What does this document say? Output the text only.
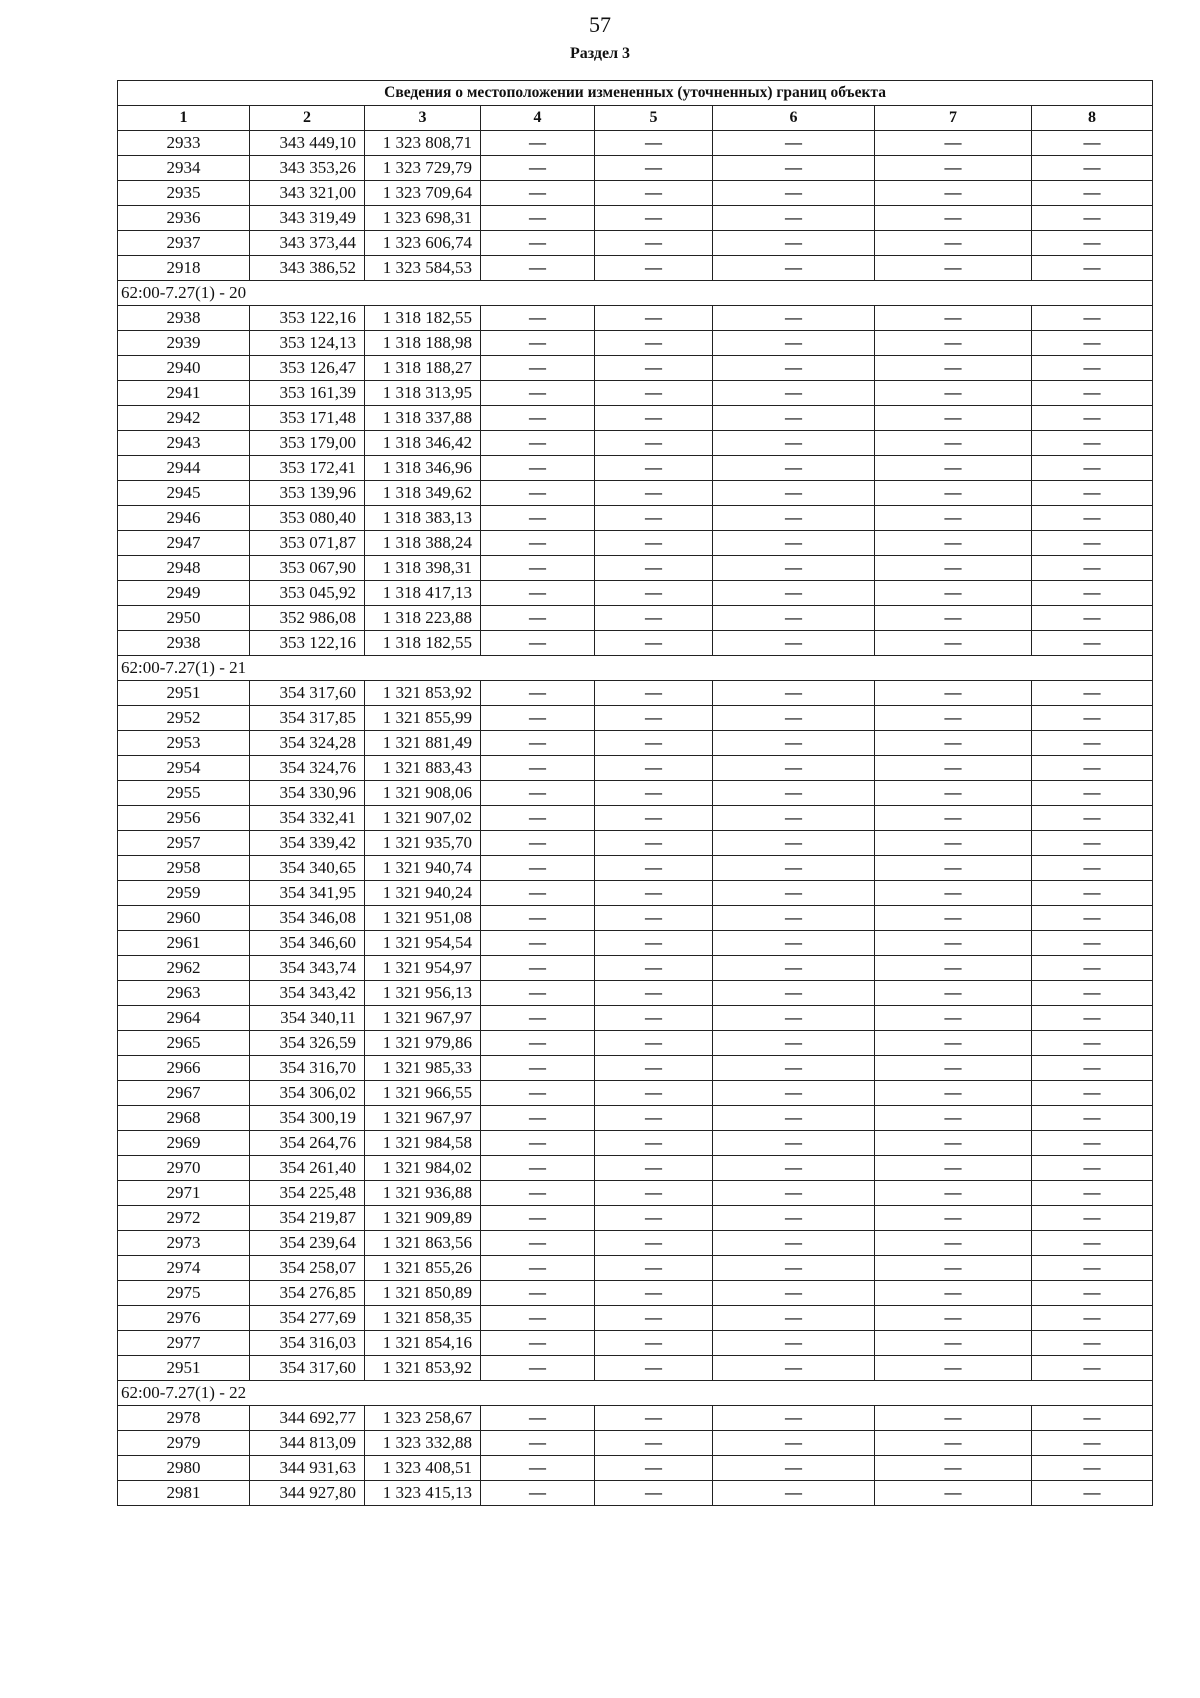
57
Раздел 3
Сведения о местоположении измененных (уточненных) границ объекта							
1	2	3	4	5	6	7	8
2933	343 449,10	1 323 808,71	—	—	—	—	—
2934	343 353,26	1 323 729,79	—	—	—	—	—
2935	343 321,00	1 323 709,64	—	—	—	—	—
2936	343 319,49	1 323 698,31	—	—	—	—	—
2937	343 373,44	1 323 606,74	—	—	—	—	—
2918	343 386,52	1 323 584,53	—	—	—	—	—
62:00-7.27(1) - 20							
2938	353 122,16	1 318 182,55	—	—	—	—	—
2939	353 124,13	1 318 188,98	—	—	—	—	—
2940	353 126,47	1 318 188,27	—	—	—	—	—
2941	353 161,39	1 318 313,95	—	—	—	—	—
2942	353 171,48	1 318 337,88	—	—	—	—	—
2943	353 179,00	1 318 346,42	—	—	—	—	—
2944	353 172,41	1 318 346,96	—	—	—	—	—
2945	353 139,96	1 318 349,62	—	—	—	—	—
2946	353 080,40	1 318 383,13	—	—	—	—	—
2947	353 071,87	1 318 388,24	—	—	—	—	—
2948	353 067,90	1 318 398,31	—	—	—	—	—
2949	353 045,92	1 318 417,13	—	—	—	—	—
2950	352 986,08	1 318 223,88	—	—	—	—	—
2938	353 122,16	1 318 182,55	—	—	—	—	—
62:00-7.27(1) - 21							
2951	354 317,60	1 321 853,92	—	—	—	—	—
2952	354 317,85	1 321 855,99	—	—	—	—	—
2953	354 324,28	1 321 881,49	—	—	—	—	—
2954	354 324,76	1 321 883,43	—	—	—	—	—
2955	354 330,96	1 321 908,06	—	—	—	—	—
2956	354 332,41	1 321 907,02	—	—	—	—	—
2957	354 339,42	1 321 935,70	—	—	—	—	—
2958	354 340,65	1 321 940,74	—	—	—	—	—
2959	354 341,95	1 321 940,24	—	—	—	—	—
2960	354 346,08	1 321 951,08	—	—	—	—	—
2961	354 346,60	1 321 954,54	—	—	—	—	—
2962	354 343,74	1 321 954,97	—	—	—	—	—
2963	354 343,42	1 321 956,13	—	—	—	—	—
2964	354 340,11	1 321 967,97	—	—	—	—	—
2965	354 326,59	1 321 979,86	—	—	—	—	—
2966	354 316,70	1 321 985,33	—	—	—	—	—
2967	354 306,02	1 321 966,55	—	—	—	—	—
2968	354 300,19	1 321 967,97	—	—	—	—	—
2969	354 264,76	1 321 984,58	—	—	—	—	—
2970	354 261,40	1 321 984,02	—	—	—	—	—
2971	354 225,48	1 321 936,88	—	—	—	—	—
2972	354 219,87	1 321 909,89	—	—	—	—	—
2973	354 239,64	1 321 863,56	—	—	—	—	—
2974	354 258,07	1 321 855,26	—	—	—	—	—
2975	354 276,85	1 321 850,89	—	—	—	—	—
2976	354 277,69	1 321 858,35	—	—	—	—	—
2977	354 316,03	1 321 854,16	—	—	—	—	—
2951	354 317,60	1 321 853,92	—	—	—	—	—
62:00-7.27(1) - 22							
2978	344 692,77	1 323 258,67	—	—	—	—	—
2979	344 813,09	1 323 332,88	—	—	—	—	—
2980	344 931,63	1 323 408,51	—	—	—	—	—
2981	344 927,80	1 323 415,13	—	—	—	—	—
